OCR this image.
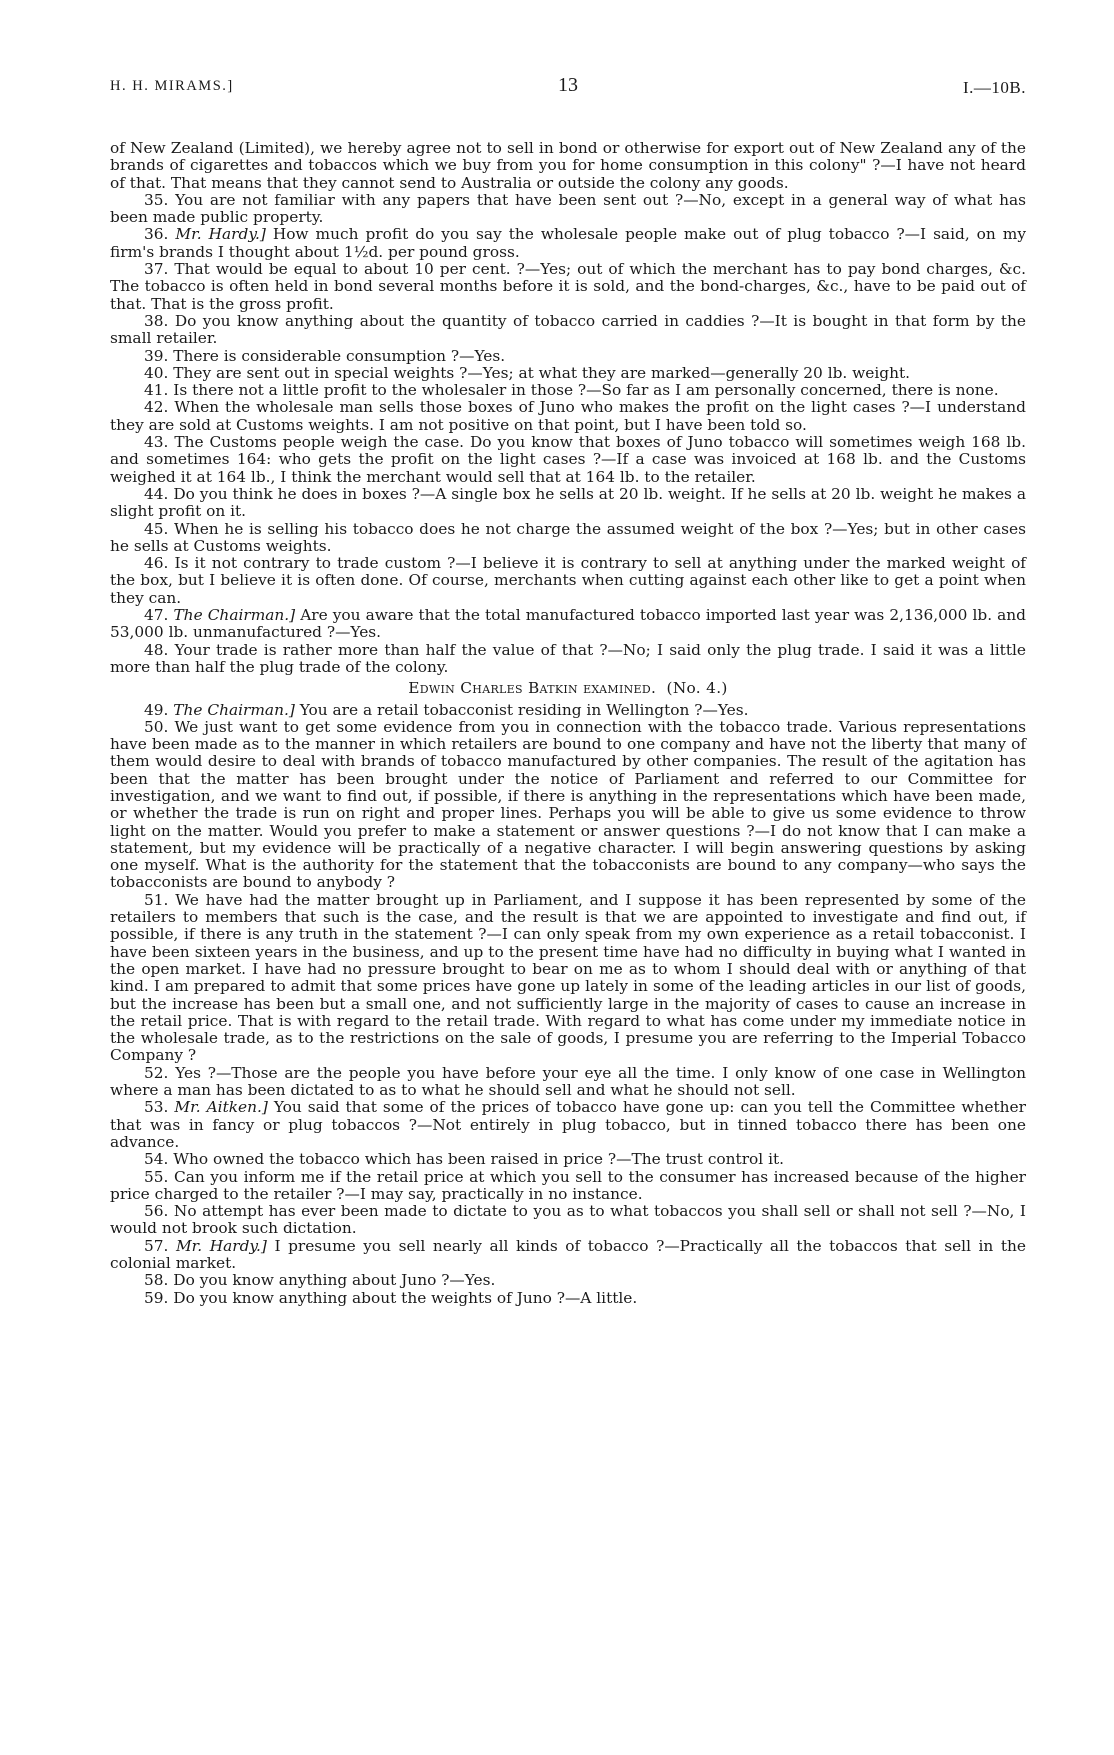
H. H. MIRAMS.]	13	I.—10B.

of New Zealand (Limited), we hereby agree not to sell in bond or otherwise for export out of New Zealand any of the brands of cigarettes and tobaccos which we buy from you for home consumption in this colony" ?—I have not heard of that. That means that they cannot send to Australia or outside the colony any goods.

35. You are not familiar with any papers that have been sent out ?—No, except in a general way of what has been made public property.

36. Mr. Hardy.] How much profit do you say the wholesale people make out of plug tobacco ?—I said, on my firm's brands I thought about 1½d. per pound gross.

37. That would be equal to about 10 per cent. ?—Yes; out of which the merchant has to pay bond charges, &c. The tobacco is often held in bond several months before it is sold, and the bond-charges, &c., have to be paid out of that. That is the gross profit.

38. Do you know anything about the quantity of tobacco carried in caddies ?—It is bought in that form by the small retailer.

39. There is considerable consumption ?—Yes.

40. They are sent out in special weights ?—Yes; at what they are marked—generally 20 lb. weight.

41. Is there not a little profit to the wholesaler in those ?—So far as I am personally concerned, there is none.

42. When the wholesale man sells those boxes of Juno who makes the profit on the light cases ?—I understand they are sold at Customs weights. I am not positive on that point, but I have been told so.

43. The Customs people weigh the case. Do you know that boxes of Juno tobacco will sometimes weigh 168 lb. and sometimes 164: who gets the profit on the light cases ?—If a case was invoiced at 168 lb. and the Customs weighed it at 164 lb., I think the merchant would sell that at 164 lb. to the retailer.

44. Do you think he does in boxes ?—A single box he sells at 20 lb. weight. If he sells at 20 lb. weight he makes a slight profit on it.

45. When he is selling his tobacco does he not charge the assumed weight of the box ?—Yes; but in other cases he sells at Customs weights.

46. Is it not contrary to trade custom ?—I believe it is contrary to sell at anything under the marked weight of the box, but I believe it is often done. Of course, merchants when cutting against each other like to get a point when they can.

47. The Chairman.] Are you aware that the total manufactured tobacco imported last year was 2,136,000 lb. and 53,000 lb. unmanufactured ?—Yes.

48. Your trade is rather more than half the value of that ?—No; I said only the plug trade. I said it was a little more than half the plug trade of the colony.

Edwin Charles Batkin examined. (No. 4.)

49. The Chairman.] You are a retail tobacconist residing in Wellington ?—Yes.

50. We just want to get some evidence from you in connection with the tobacco trade. Various representations have been made as to the manner in which retailers are bound to one company and have not the liberty that many of them would desire to deal with brands of tobacco manufactured by other companies. The result of the agitation has been that the matter has been brought under the notice of Parliament and referred to our Committee for investigation, and we want to find out, if possible, if there is anything in the representations which have been made, or whether the trade is run on right and proper lines. Perhaps you will be able to give us some evidence to throw light on the matter. Would you prefer to make a statement or answer questions ?—I do not know that I can make a statement, but my evidence will be practically of a negative character. I will begin answering questions by asking one myself. What is the authority for the statement that the tobacconists are bound to any company—who says the tobacconists are bound to anybody ?

51. We have had the matter brought up in Parliament, and I suppose it has been represented by some of the retailers to members that such is the case, and the result is that we are appointed to investigate and find out, if possible, if there is any truth in the statement ?—I can only speak from my own experience as a retail tobacconist. I have been sixteen years in the business, and up to the present time have had no difficulty in buying what I wanted in the open market. I have had no pressure brought to bear on me as to whom I should deal with or anything of that kind. I am prepared to admit that some prices have gone up lately in some of the leading articles in our list of goods, but the increase has been but a small one, and not sufficiently large in the majority of cases to cause an increase in the retail price. That is with regard to the retail trade. With regard to what has come under my immediate notice in the wholesale trade, as to the restrictions on the sale of goods, I presume you are referring to the Imperial Tobacco Company ?

52. Yes ?—Those are the people you have before your eye all the time. I only know of one case in Wellington where a man has been dictated to as to what he should sell and what he should not sell.

53. Mr. Aitken.] You said that some of the prices of tobacco have gone up: can you tell the Committee whether that was in fancy or plug tobaccos ?—Not entirely in plug tobacco, but in tinned tobacco there has been one advance.

54. Who owned the tobacco which has been raised in price ?—The trust control it.

55. Can you inform me if the retail price at which you sell to the consumer has increased because of the higher price charged to the retailer ?—I may say, practically in no instance.

56. No attempt has ever been made to dictate to you as to what tobaccos you shall sell or shall not sell ?—No, I would not brook such dictation.

57. Mr. Hardy.] I presume you sell nearly all kinds of tobacco ?—Practically all the tobaccos that sell in the colonial market.

58. Do you know anything about Juno ?—Yes.

59. Do you know anything about the weights of Juno ?—A little.
